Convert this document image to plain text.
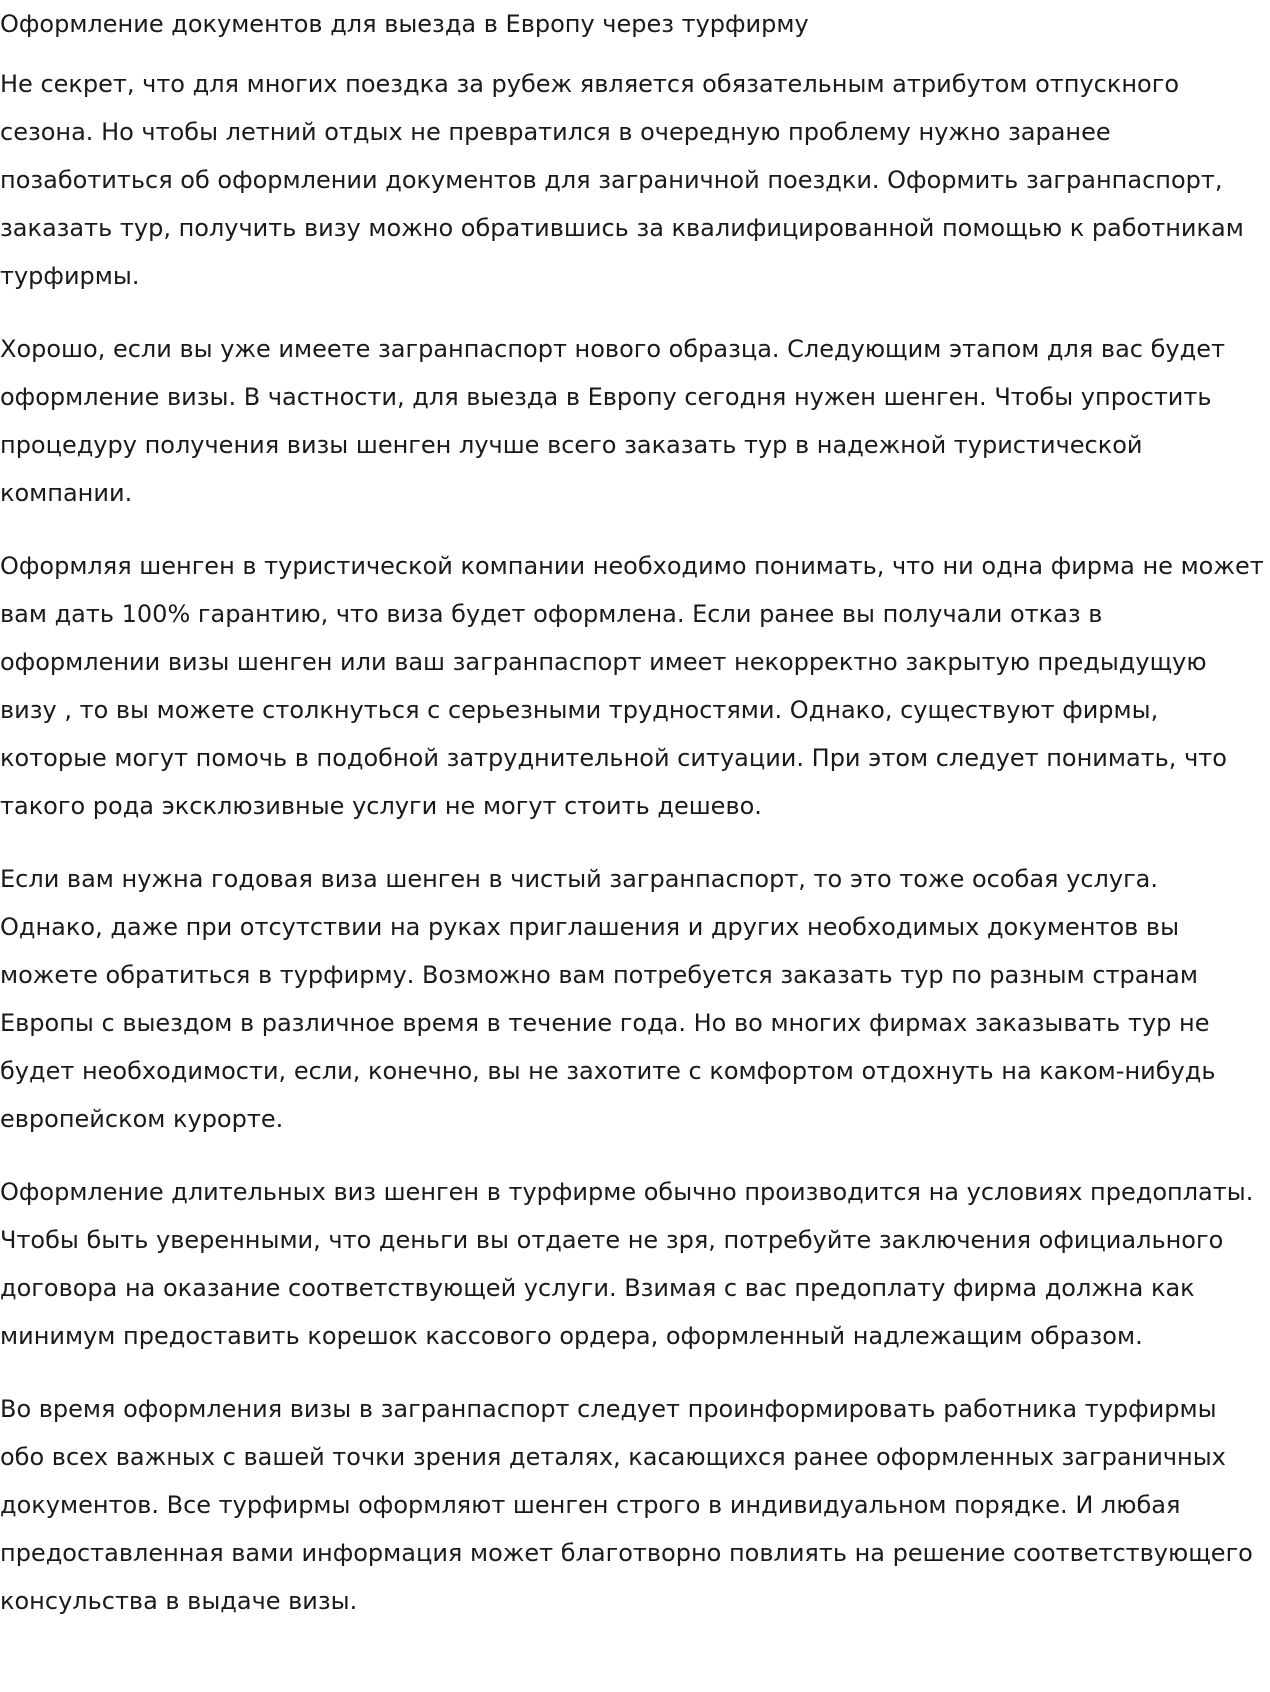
Оформление документов для выезда в Европу через турфирму

Не секрет, что для многих поездка за рубеж является обязательным атрибутом отпускного сезона. Но чтобы летний отдых не превратился в очередную проблему нужно заранее позаботиться об оформлении документов для заграничной поездки. Оформить загранпаспорт, заказать тур, получить визу можно обратившись за квалифицированной помощью к работникам турфирмы.

Хорошо, если вы уже имеете загранпаспорт нового образца. Следующим этапом для вас будет оформление визы. В частности, для выезда в Европу сегодня нужен шенген. Чтобы упростить процедуру получения визы шенген лучше всего заказать тур в надежной туристической компании.

Оформляя шенген в туристической компании необходимо понимать, что ни одна фирма не может вам дать 100% гарантию, что виза будет оформлена. Если ранее вы получали отказ в оформлении визы шенген или ваш загранпаспорт имеет некорректно закрытую предыдущую визу , то вы можете столкнуться с серьезными трудностями. Однако, существуют фирмы, которые могут помочь в подобной затруднительной ситуации. При этом следует понимать, что такого рода эксклюзивные услуги не могут стоить дешево.

Если вам нужна годовая виза шенген в чистый загранпаспорт, то это тоже особая услуга. Однако, даже при отсутствии на руках приглашения и других необходимых документов вы можете обратиться в турфирму. Возможно вам потребуется заказать тур по разным странам Европы с выездом в различное время в течение года. Но во многих фирмах заказывать тур не будет необходимости, если, конечно, вы не захотите с комфортом отдохнуть на каком-нибудь европейском курорте.

Оформление длительных виз шенген в турфирме обычно производится на условиях предоплаты. Чтобы быть уверенными, что деньги вы отдаете не зря, потребуйте заключения официального договора на оказание соответствующей услуги. Взимая с вас предоплату фирма должна как минимум предоставить корешок кассового ордера, оформленный надлежащим образом.

Во время оформления визы в загранпаспорт следует проинформировать работника турфирмы обо всех важных с вашей точки зрения деталях, касающихся ранее оформленных заграничных документов. Все турфирмы оформляют шенген строго в индивидуальном порядке. И любая предоставленная вами информация может благотворно повлиять на решение соответствующего консульства в выдаче визы.
